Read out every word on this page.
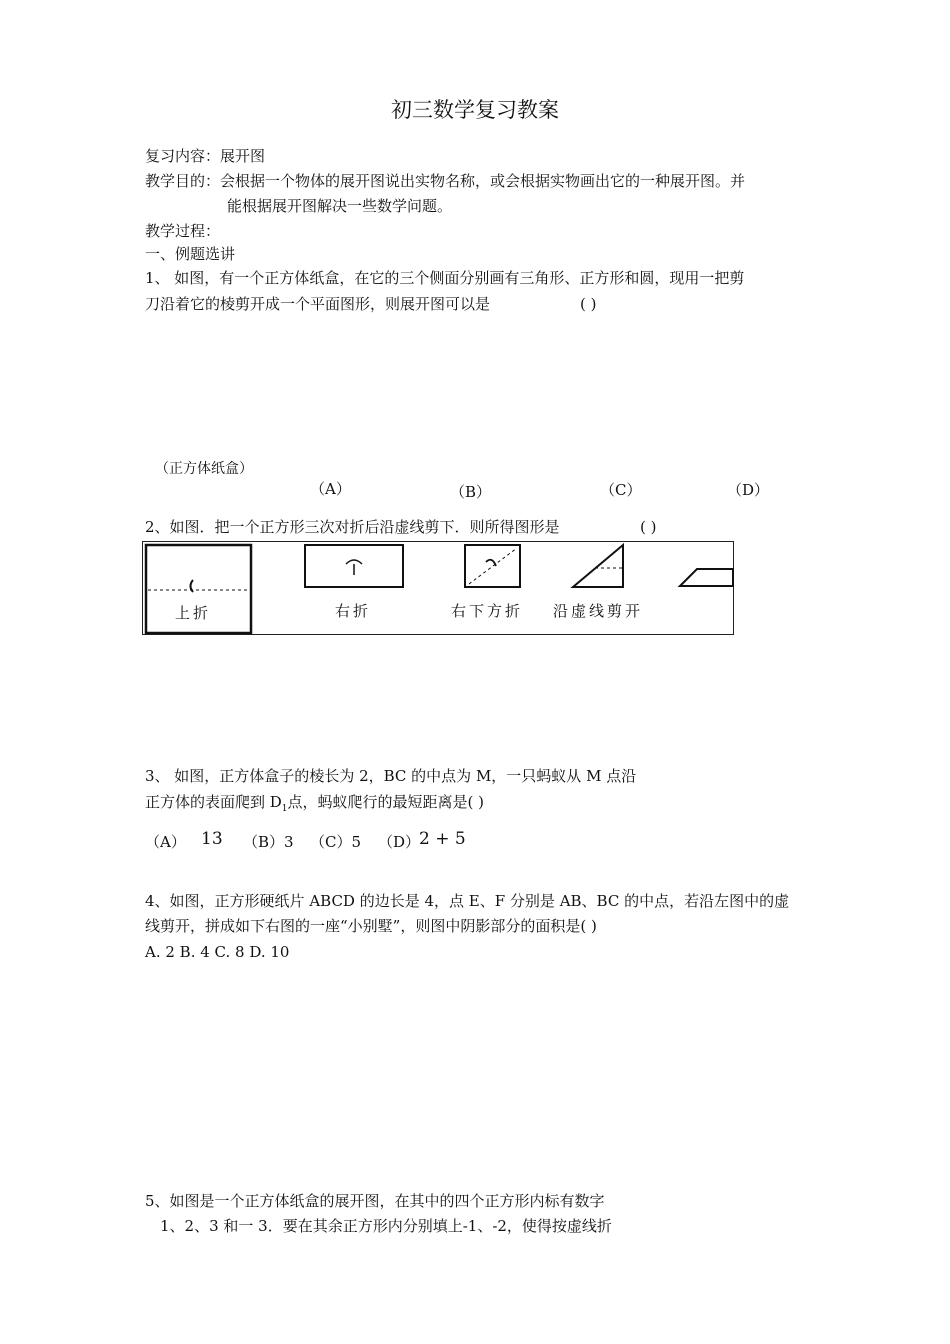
初三数学复习教案
复习内容：展开图
教学目的：会根据一个物体的展开图说出实物名称，或会根据实物画出它的一种展开图。并
能根据展开图解决一些数学问题。
教学过程：
一、例题选讲
1、 如图，有一个正方体纸盒，在它的三个侧面分别画有三角形、正方形和圆，现用一把剪
刀沿着它的棱剪开成一个平面图形，则展开图可以是	( )
（正方体纸盒）
（A）	（B）	（C）	（D）
2、如图．把一个正方形三次对折后沿虚线剪下．则所得图形是	( )
上折	右折	右下方折 沿虚线剪开
3、 如图，正方体盒子的棱长为 2，BC 的中点为 M，一只蚂蚁从 M 点沿
正方体的表面爬到 $D_1$点，蚂蚁爬行的最短距离是( )
（A） 13 （B）3 （C）5 （D）
2 + 5
4、如图，正方形硬纸片 ABCD 的边长是 4，点 E、F 分别是 AB、BC 的中点，若沿左图中的虚
线剪开，拼成如下右图的一座“小别墅”，则图中阴影部分的面积是( )
A. 2 B. 4 C. 8 D. 10
5、如图是一个正方体纸盒的展开图，在其中的四个正方形内标有数字
1、2、3 和一 3．要在其余正方形内分别填上-1、-2，使得按虚线折
